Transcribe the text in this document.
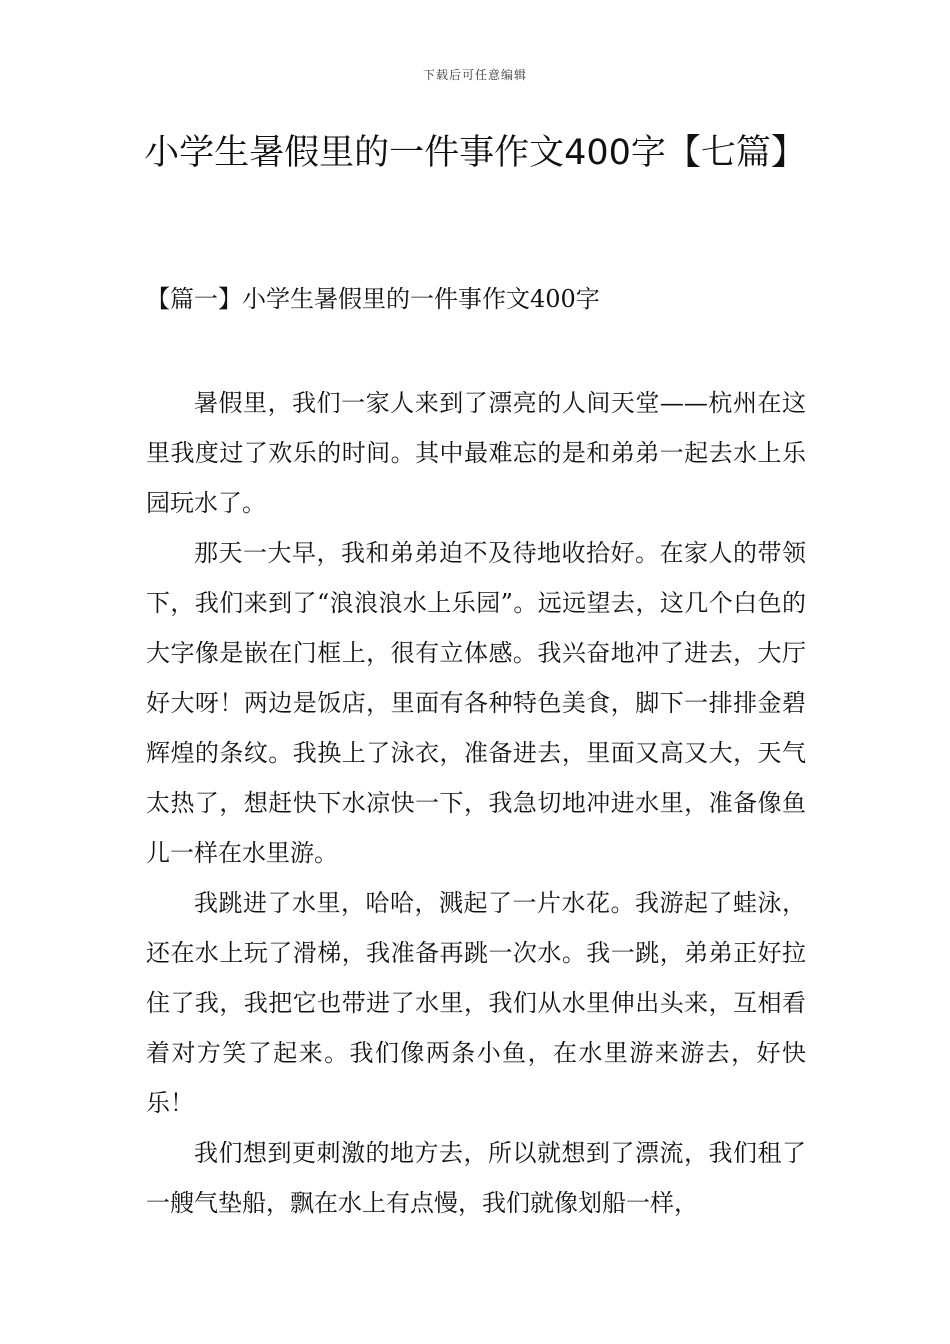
下载后可任意编辑
小学生暑假里的一件事作文400字【七篇】
【篇一】小学生暑假里的一件事作文400字

暑假里，我们一家人来到了漂亮的人间天堂——杭州在这里我度过了欢乐的时间。其中最难忘的是和弟弟一起去水上乐园玩水了。

那天一大早，我和弟弟迫不及待地收拾好。在家人的带领下，我们来到了“浪浪浪水上乐园”。远远望去，这几个白色的大字像是嵌在门框上，很有立体感。我兴奋地冲了进去，大厅好大呀！两边是饭店，里面有各种特色美食，脚下一排排金碧辉煌的条纹。我换上了泳衣，准备进去，里面又高又大，天气太热了，想赶快下水凉快一下，我急切地冲进水里，准备像鱼儿一样在水里游。

我跳进了水里，哈哈，溅起了一片水花。我游起了蛙泳，还在水上玩了滑梯，我准备再跳一次水。我一跳，弟弟正好拉住了我，我把它也带进了水里，我们从水里伸出头来，互相看着对方笑了起来。我们像两条小鱼，在水里游来游去，好快乐！

我们想到更刺激的地方去，所以就想到了漂流，我们租了一艘气垫船，飘在水上有点慢，我们就像划船一样，
